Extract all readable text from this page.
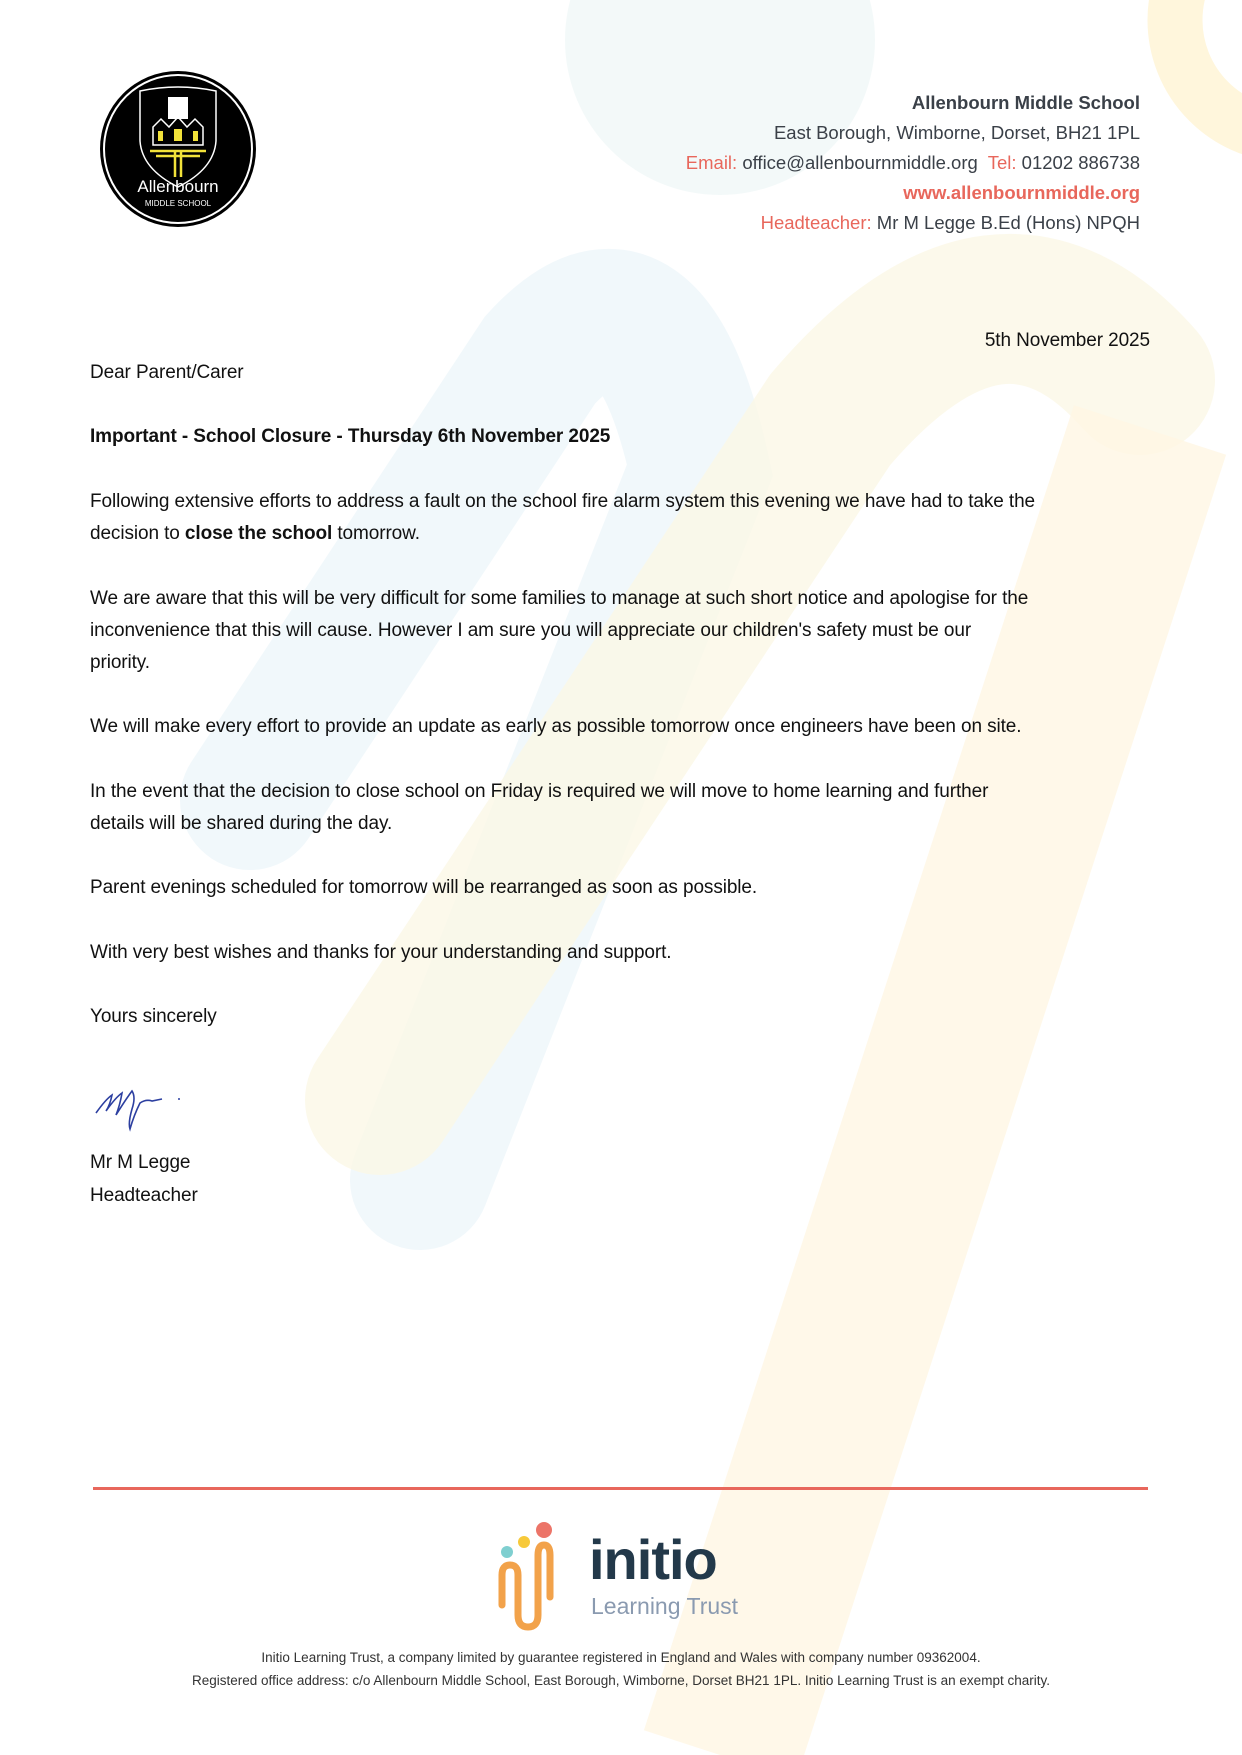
Allenbourn
MIDDLE SCHOOL
Allenbourn Middle School
East Borough, Wimborne, Dorset, BH21 1PL
Email: office@allenbournmiddle.org Tel: 01202 886738
www.allenbournmiddle.org
Headteacher: Mr M Legge B.Ed (Hons) NPQH
5th November 2025
Dear Parent/Carer
Important - School Closure - Thursday 6th November 2025
Following extensive efforts to address a fault on the school fire alarm system this evening we have had to take the
decision to close the school tomorrow.
We are aware that this will be very difficult for some families to manage at such short notice and apologise for the
inconvenience that this will cause. However I am sure you will appreciate our children's safety must be our
priority.
We will make every effort to provide an update as early as possible tomorrow once engineers have been on site.
In the event that the decision to close school on Friday is required we will move to home learning and further
details will be shared during the day.
Parent evenings scheduled for tomorrow will be rearranged as soon as possible.
With very best wishes and thanks for your understanding and support.
Yours sincerely
Mr M Legge
Headteacher
initio
Learning Trust
Initio Learning Trust, a company limited by guarantee registered in England and Wales with company number 09362004.
Registered office address: c/o Allenbourn Middle School, East Borough, Wimborne, Dorset BH21 1PL. Initio Learning Trust is an exempt charity.
